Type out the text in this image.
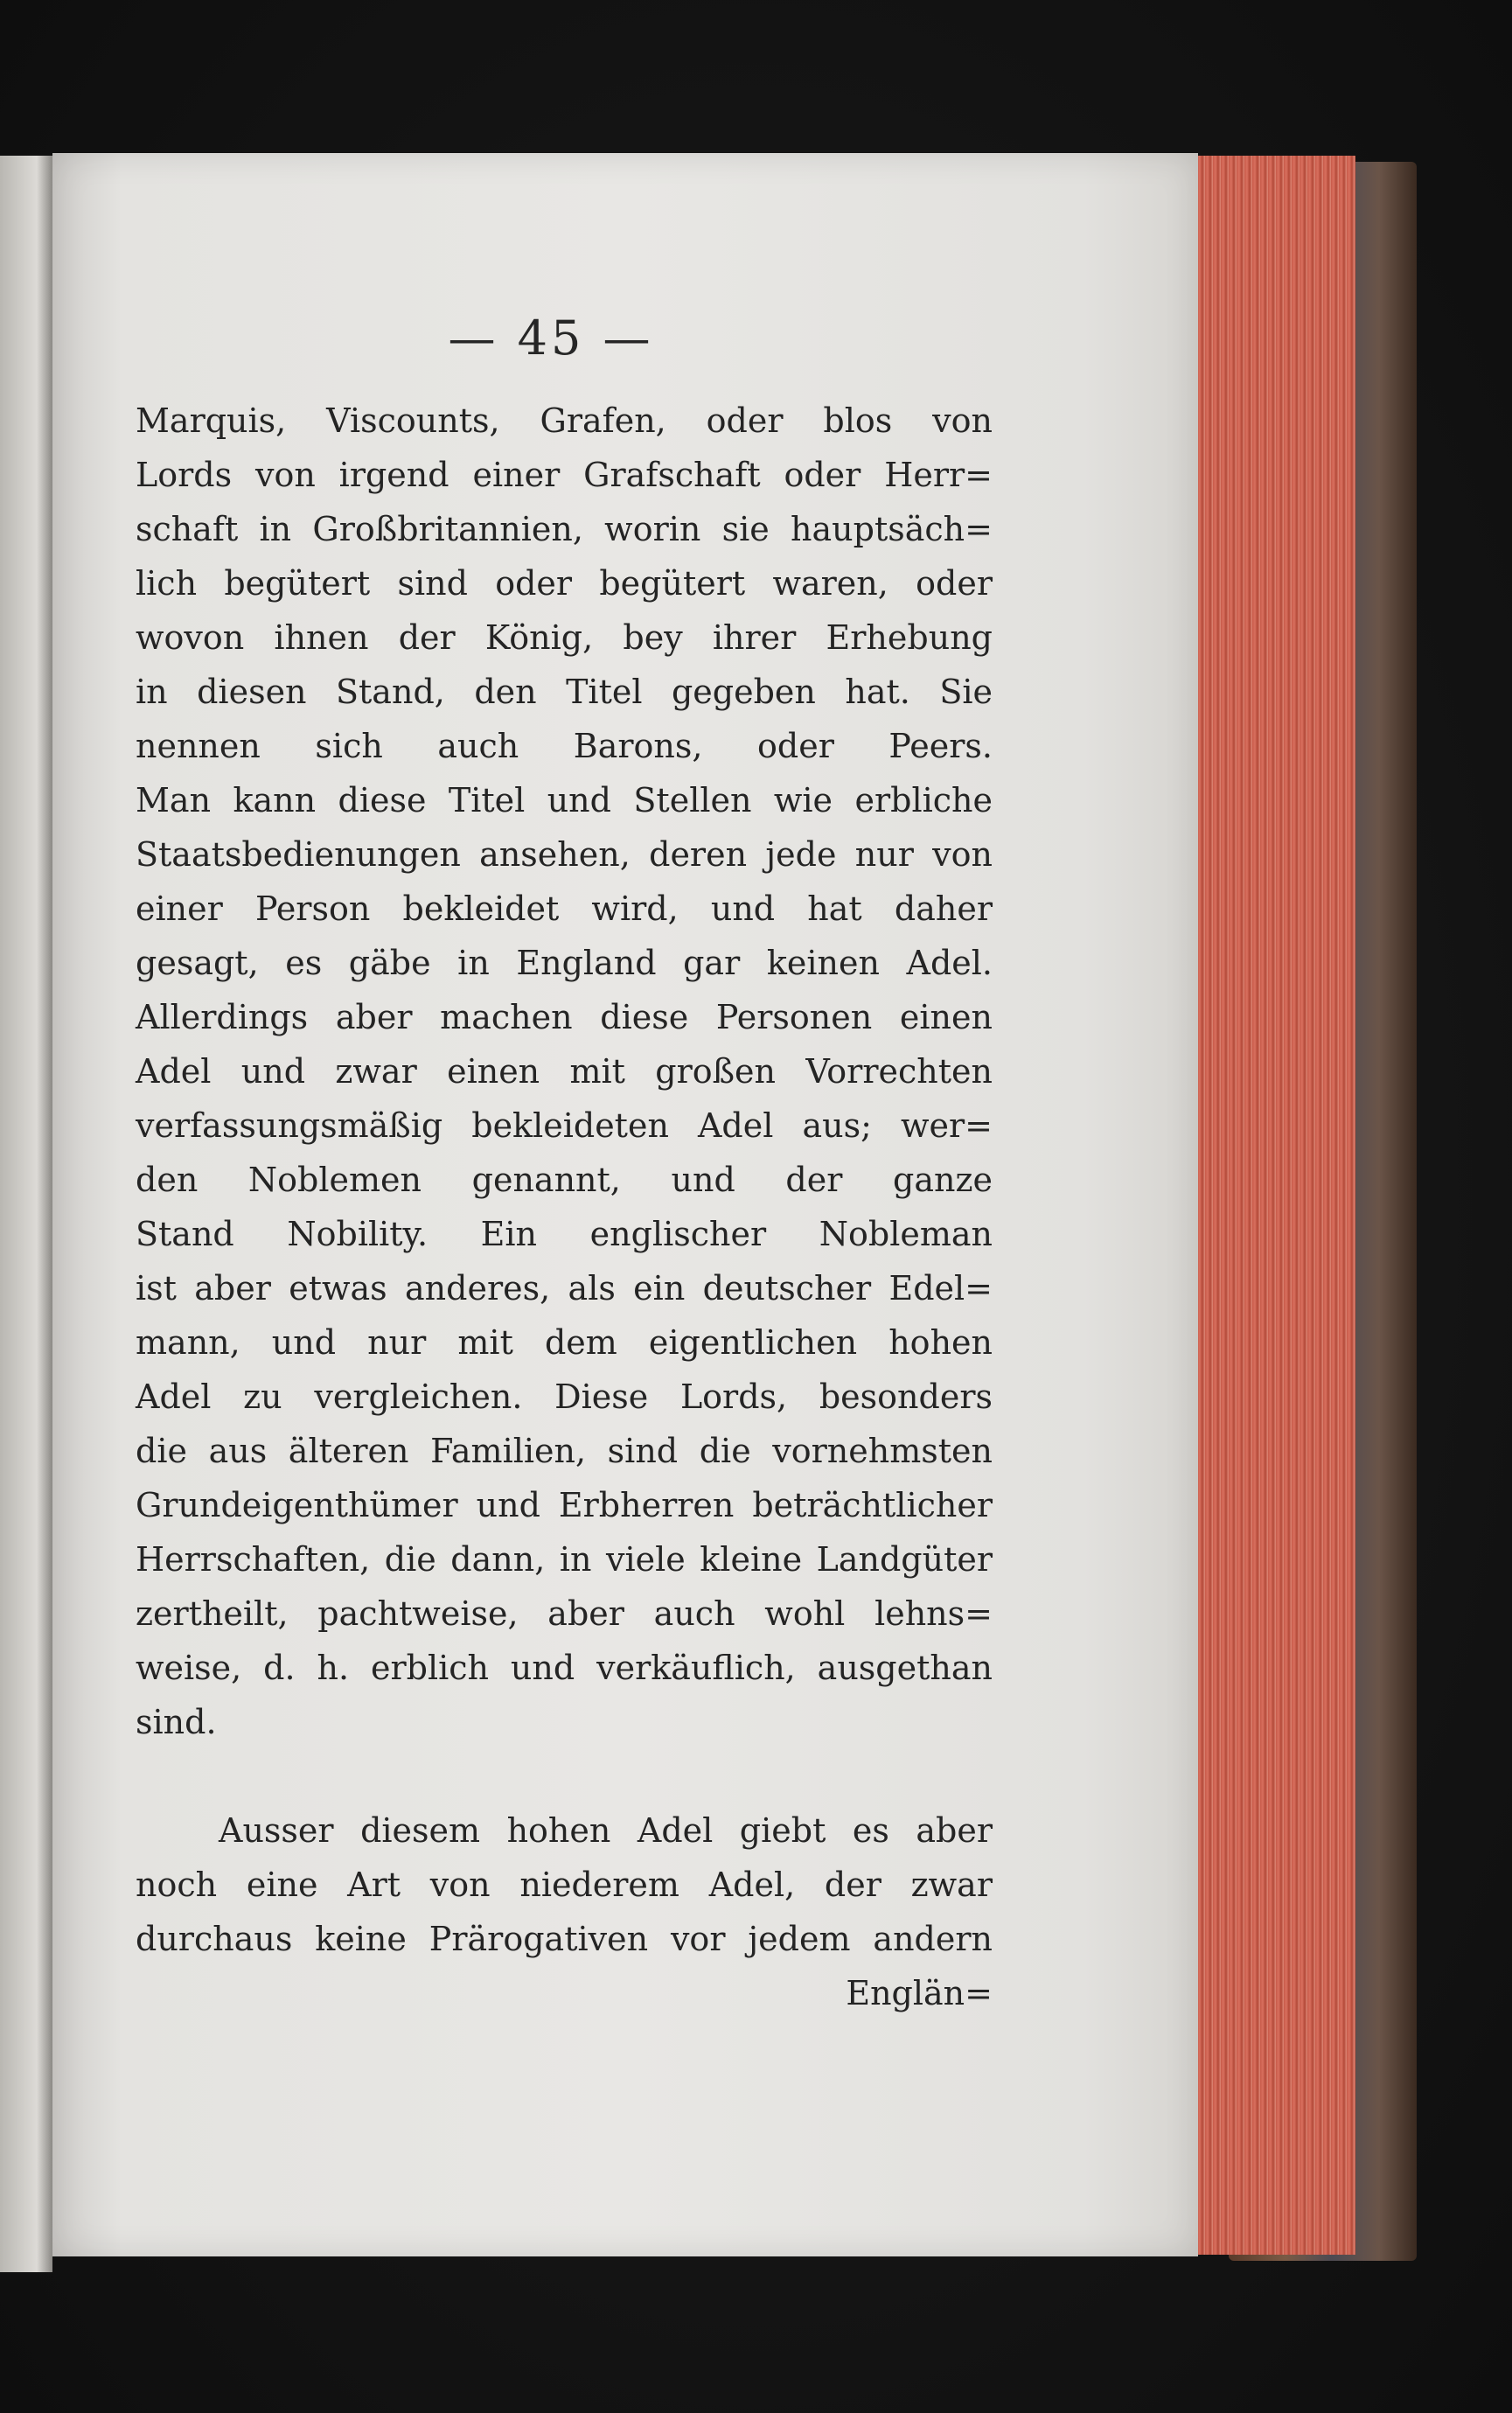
— 45 —
Marquis, Viscounts, Grafen, oder blos von
Lords von irgend einer Grafschaft oder Herr=
schaft in Großbritannien, worin sie hauptsäch=
lich begütert sind oder begütert waren, oder
wovon ihnen der König, bey ihrer Erhebung
in diesen Stand, den Titel gegeben hat. Sie
nennen sich auch Barons, oder Peers.
Man kann diese Titel und Stellen wie erbliche
Staatsbedienungen ansehen, deren jede nur von
einer Person bekleidet wird, und hat daher
gesagt, es gäbe in England gar keinen Adel.
Allerdings aber machen diese Personen einen
Adel und zwar einen mit großen Vorrechten
verfassungsmäßig bekleideten Adel aus; wer=
den Noblemen genannt, und der ganze
Stand Nobility. Ein englischer Nobleman
ist aber etwas anderes, als ein deutscher Edel=
mann, und nur mit dem eigentlichen hohen
Adel zu vergleichen. Diese Lords, besonders
die aus älteren Familien, sind die vornehmsten
Grundeigenthümer und Erbherren beträchtlicher
Herrschaften, die dann, in viele kleine Landgüter
zertheilt, pachtweise, aber auch wohl lehns=
weise, d. h. erblich und verkäuflich, ausgethan
sind.
Ausser diesem hohen Adel giebt es aber
noch eine Art von niederem Adel, der zwar
durchaus keine Prärogativen vor jedem andern
Englän=
